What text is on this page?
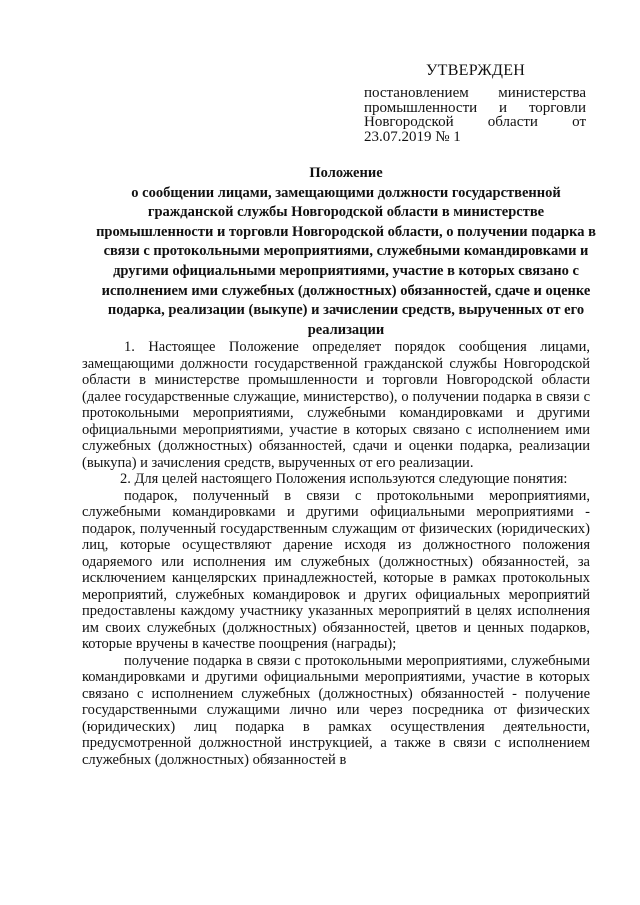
УТВЕРЖДЕН
постановлением министерства промышленности и торговли Новгородской области от 23.07.2019 № 1
Положение
о сообщении лицами, замещающими должности государственной гражданской службы Новгородской области в министерстве промышленности и торговли Новгородской области, о получении подарка в связи с протокольными мероприятиями, служебными командировками и другими официальными мероприятиями, участие в которых связано с исполнением ими служебных (должностных) обязанностей, сдаче и оценке подарка, реализации (выкупе) и зачислении средств, вырученных от его реализации

1. Настоящее Положение определяет порядок сообщения лицами, замещающими должности государственной гражданской службы Новгородской области в министерстве промышленности и торговли Новгородской области (далее государственные служащие, министерство), о получении подарка в связи с протокольными мероприятиями, служебными командировками и другими официальными мероприятиями, участие в которых связано с исполнением ими служебных (должностных) обязанностей, сдачи и оценки подарка, реализации (выкупа) и зачисления средств, вырученных от его реализации.

2. Для целей настоящего Положения используются следующие понятия:

подарок, полученный в связи с протокольными мероприятиями, служебными командировками и другими официальными мероприятиями - подарок, полученный государственным служащим от физических (юридических) лиц, которые осуществляют дарение исходя из должностного положения одаряемого или исполнения им служебных (должностных) обязанностей, за исключением канцелярских принадлежностей, которые в рамках протокольных мероприятий, служебных командировок и других официальных мероприятий предоставлены каждому участнику указанных мероприятий в целях исполнения им своих служебных (должностных) обязанностей, цветов и ценных подарков, которые вручены в качестве поощрения (награды);

получение подарка в связи с протокольными мероприятиями, служебными командировками и другими официальными мероприятиями, участие в которых связано с исполнением служебных (должностных) обязанностей - получение государственными служащими лично или через посредника от физических (юридических) лиц подарка в рамках осуществления деятельности, предусмотренной должностной инструкцией, а также в связи с исполнением служебных (должностных) обязанностей в
